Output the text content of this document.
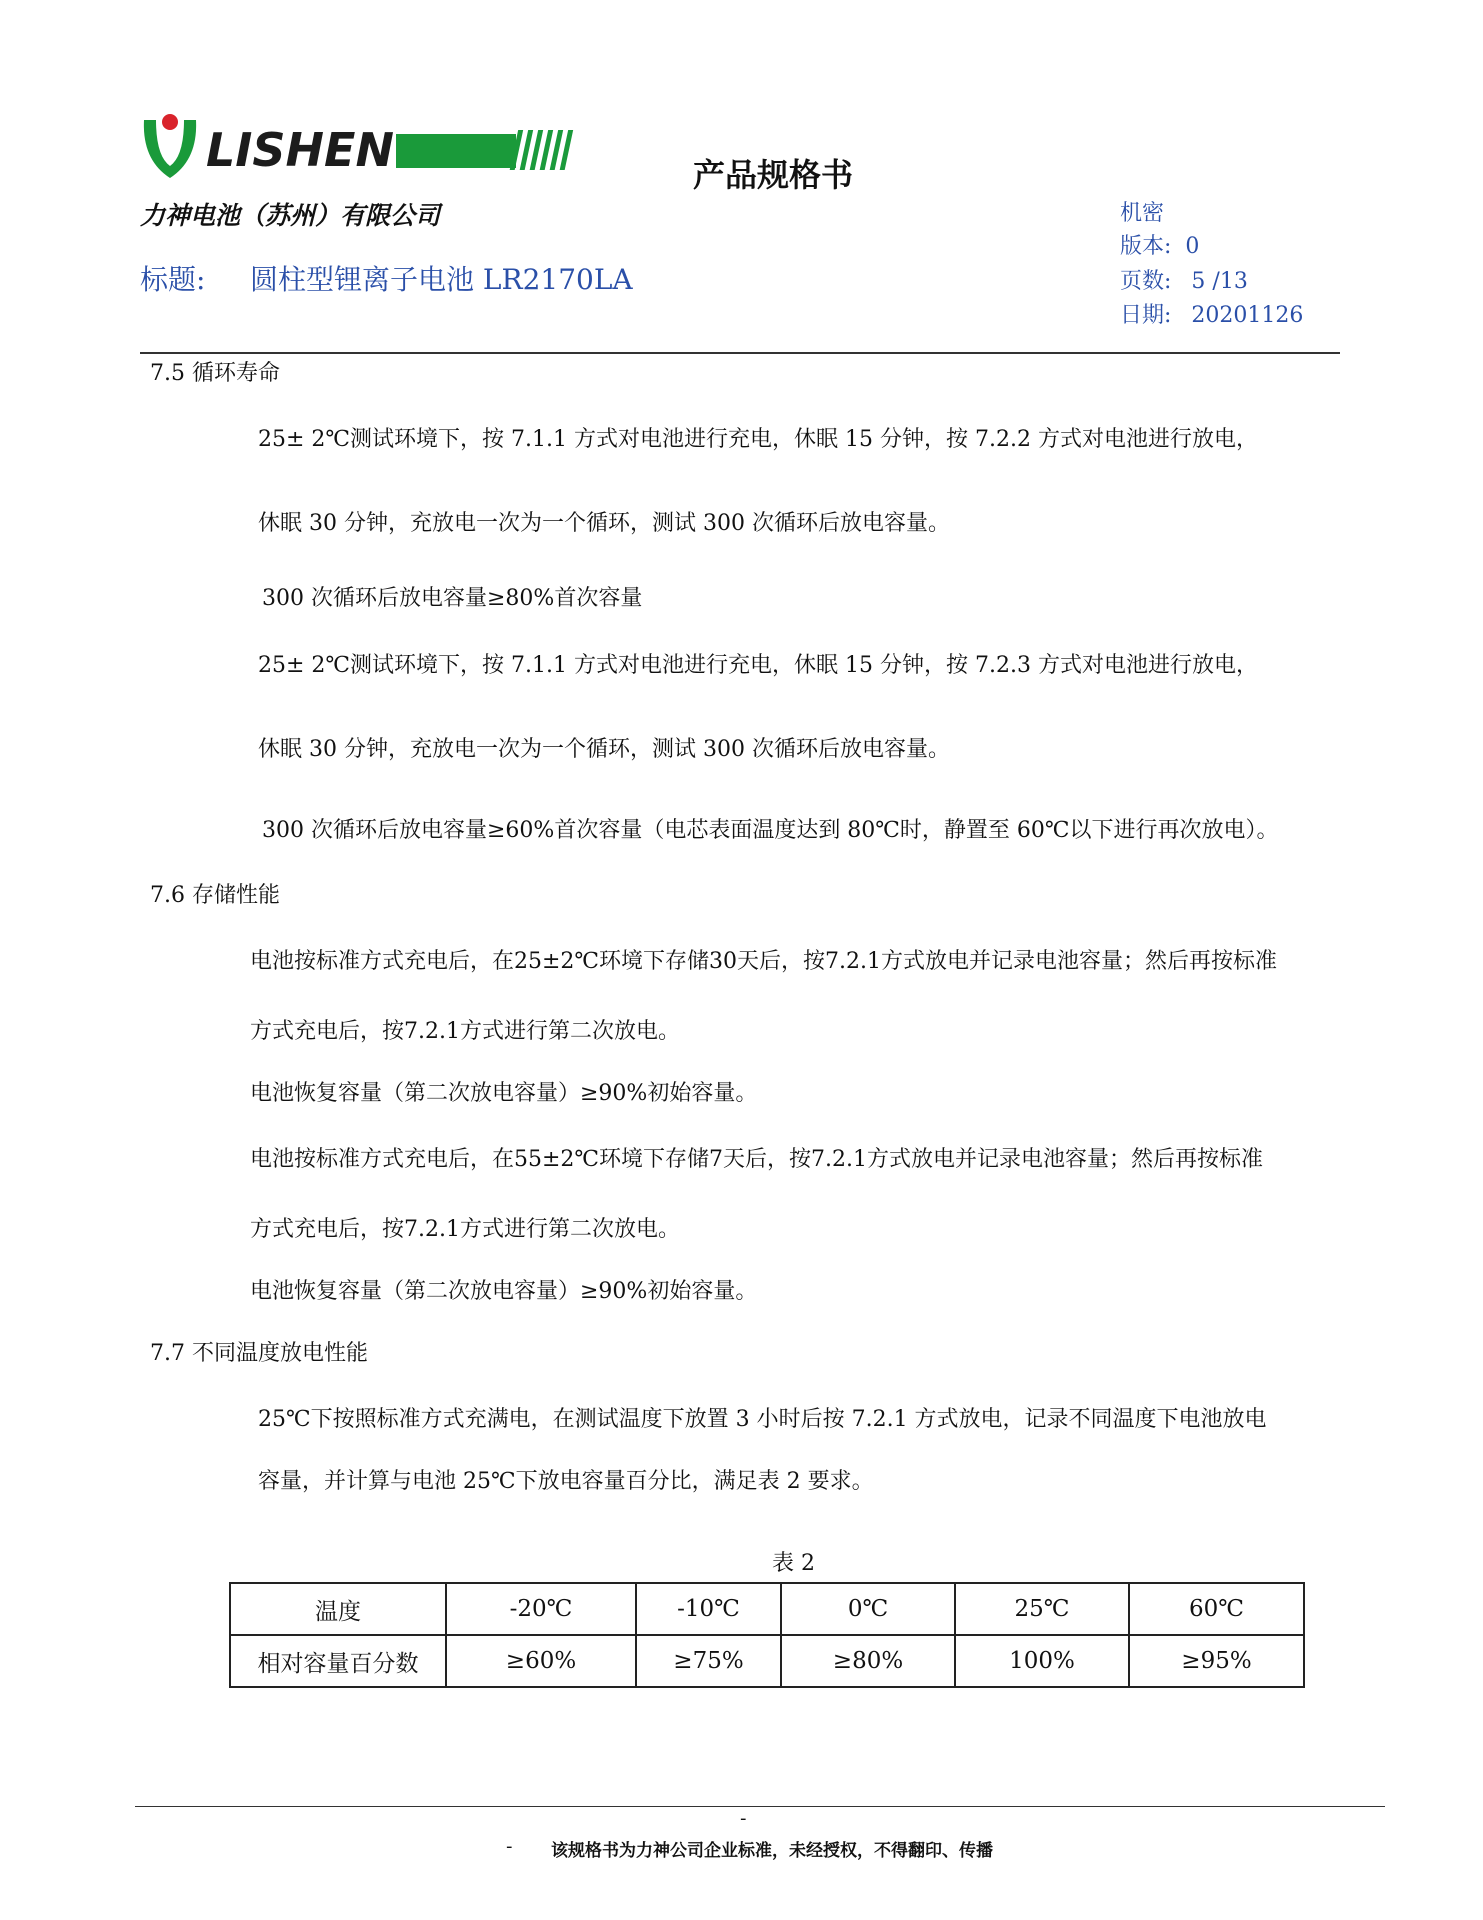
LISHEN
力神电池（苏州）有限公司
产品规格书
标题: 圆柱型锂离子电池 LR2170LA
机密
版本: 0
页数: 5 /13
日期: 20201126
7.5 循环寿命
25± 2℃测试环境下，按 7.1.1 方式对电池进行充电，休眠 15 分钟，按 7.2.2 方式对电池进行放电，
休眠 30 分钟，充放电一次为一个循环，测试 300 次循环后放电容量。
300 次循环后放电容量≥80%首次容量
25± 2℃测试环境下，按 7.1.1 方式对电池进行充电，休眠 15 分钟，按 7.2.3 方式对电池进行放电，
休眠 30 分钟，充放电一次为一个循环，测试 300 次循环后放电容量。
300 次循环后放电容量≥60%首次容量（电芯表面温度达到 80℃时，静置至 60℃以下进行再次放电）。
7.6 存储性能
电池按标准方式充电后，在25±2℃环境下存储30天后，按7.2.1方式放电并记录电池容量；然后再按标准
方式充电后，按7.2.1方式进行第二次放电。
电池恢复容量（第二次放电容量）≥90%初始容量。
电池按标准方式充电后，在55±2℃环境下存储7天后，按7.2.1方式放电并记录电池容量；然后再按标准
方式充电后，按7.2.1方式进行第二次放电。
电池恢复容量（第二次放电容量）≥90%初始容量。
7.7 不同温度放电性能
25℃下按照标准方式充满电，在测试温度下放置 3 小时后按 7.2.1 方式放电，记录不同温度下电池放电
容量，并计算与电池 25℃下放电容量百分比，满足表 2 要求。
表 2
温度	-20℃	-10℃	0℃	25℃	60℃
相对容量百分数	≥60%	≥75%	≥80%	100%	≥95%
-
- 该规格书为力神公司企业标准，未经授权，不得翻印、传播
